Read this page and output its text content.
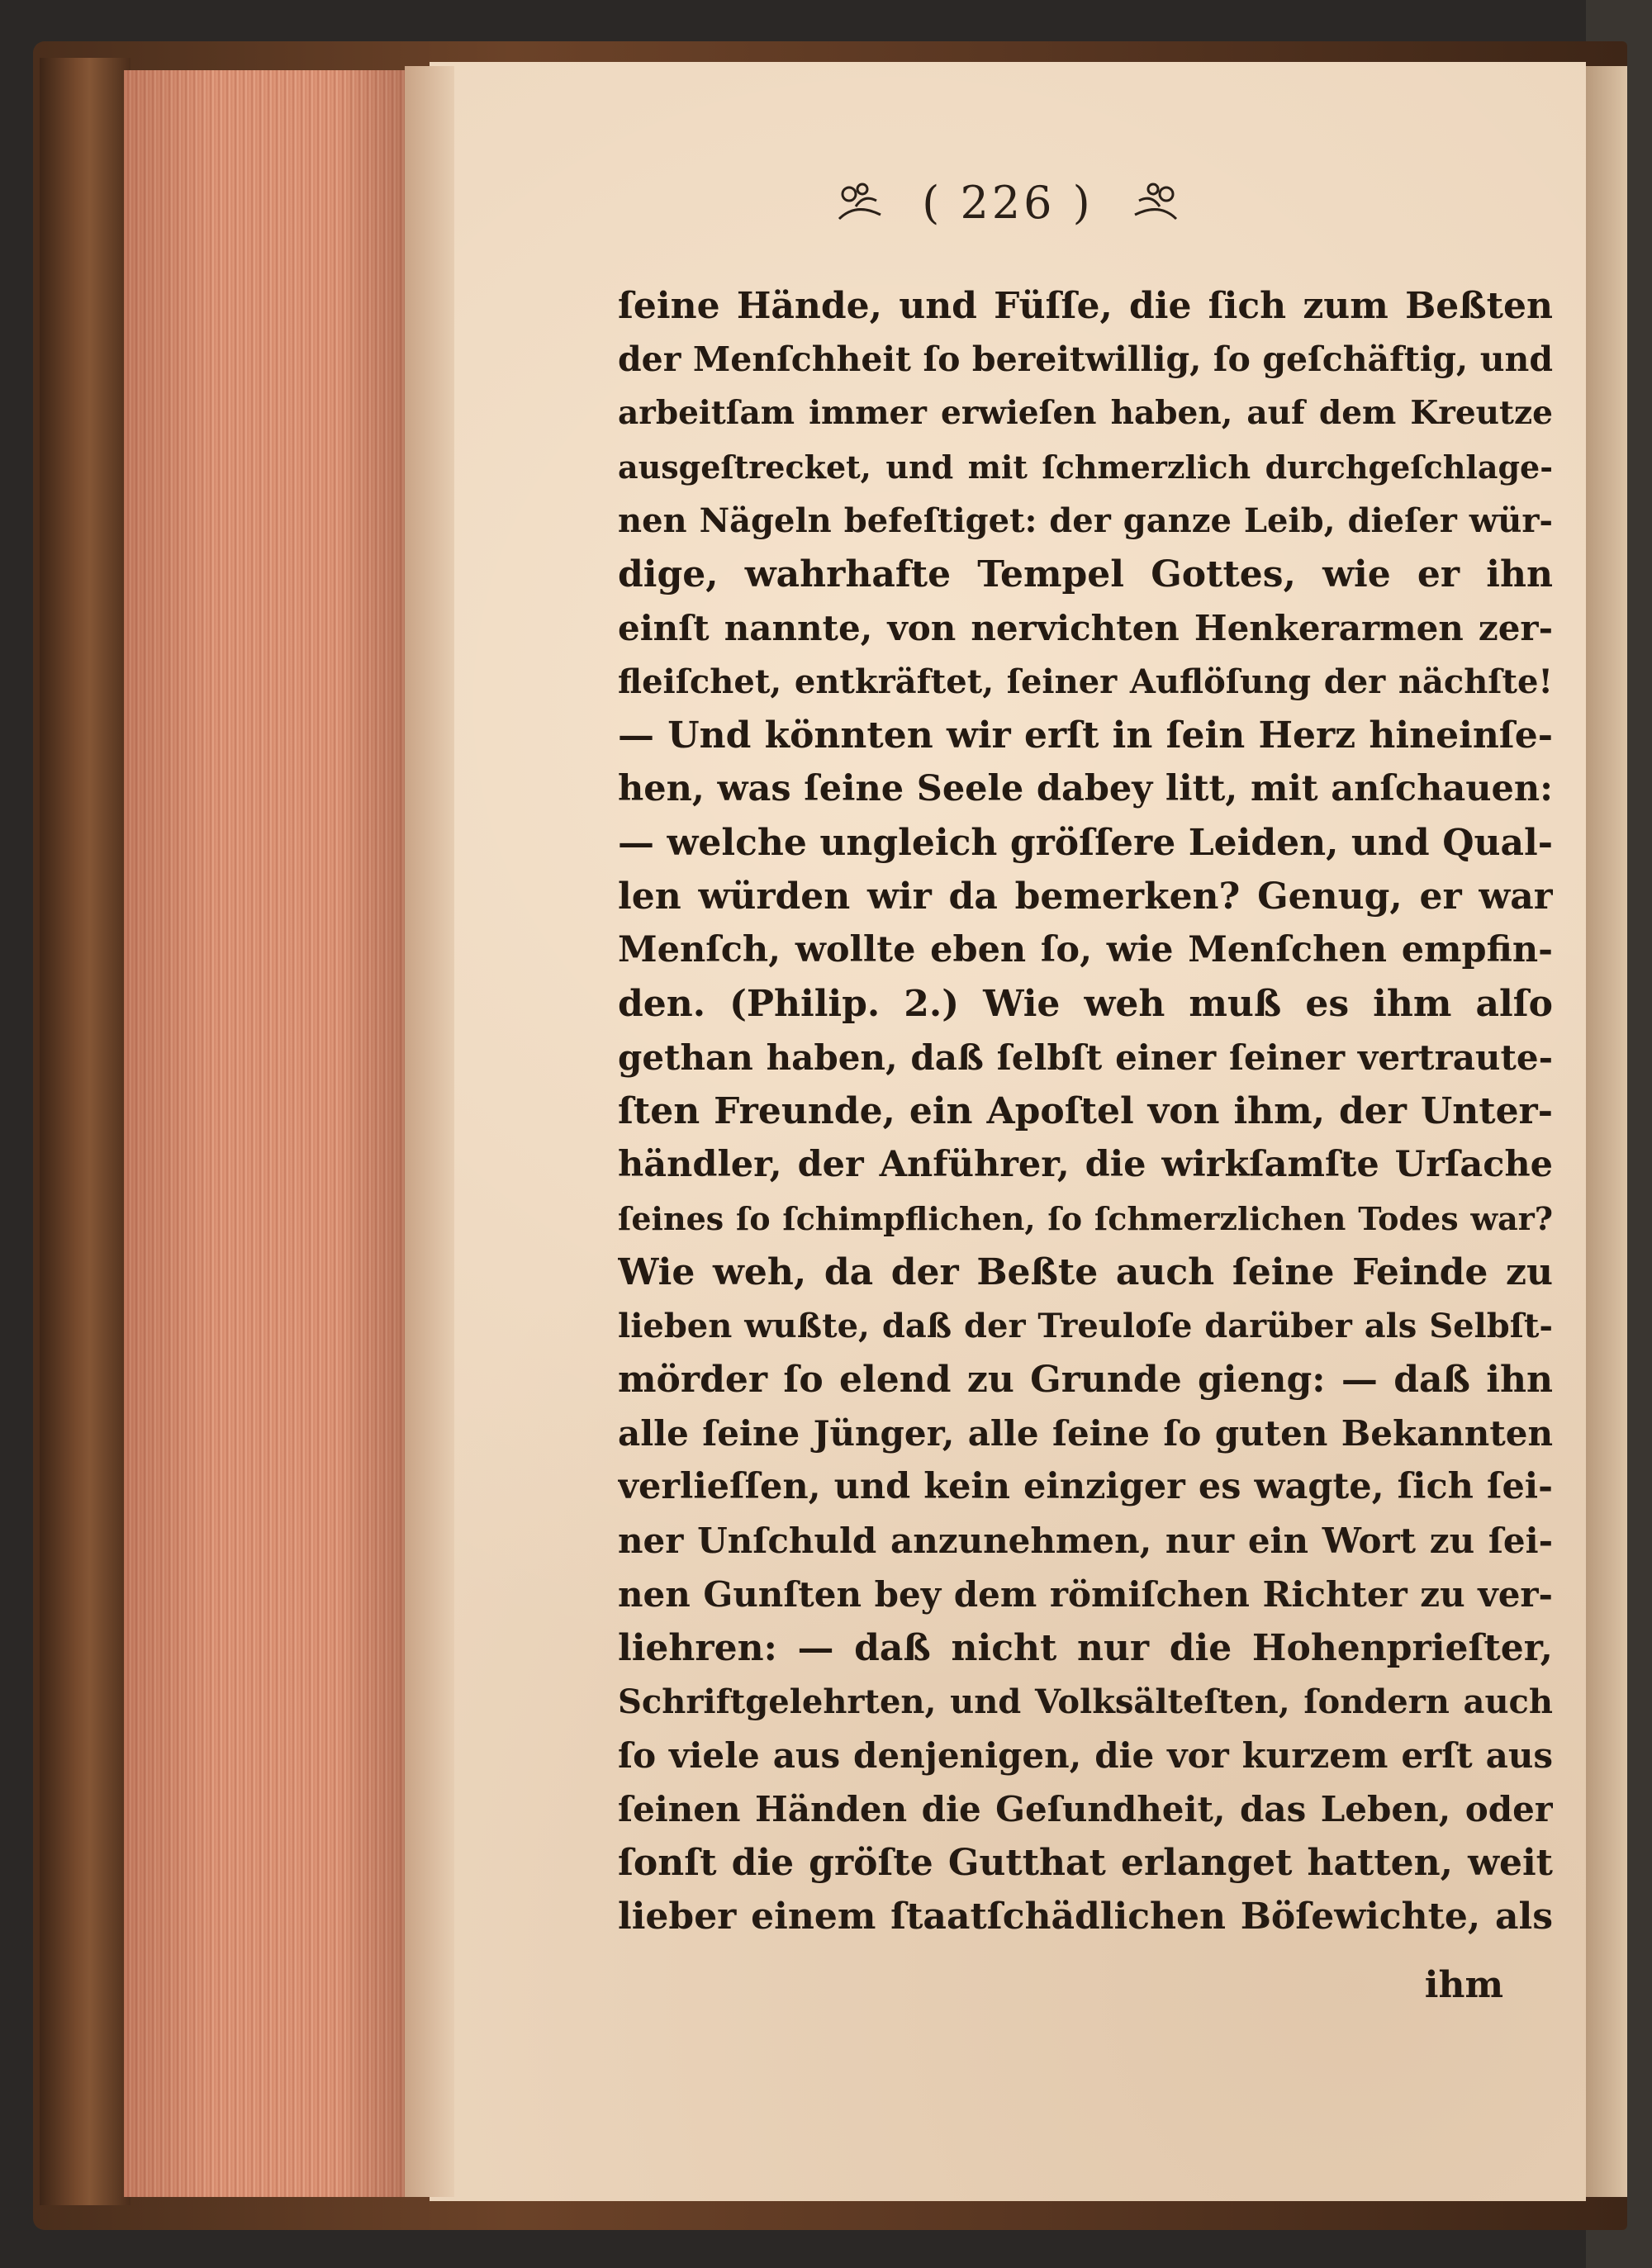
( 226 )
ſeine Hände, und Füſſe, die ſich zum Beßten
der Menſchheit ſo bereitwillig, ſo geſchäftig, und
arbeitſam immer erwieſen haben, auf dem Kreutze
ausgeſtrecket, und mit ſchmerzlich durchgeſchlage-
nen Nägeln befeſtiget: der ganze Leib, dieſer wür-
dige, wahrhafte Tempel Gottes, wie er ihn
einſt nannte, von nervichten Henkerarmen zer-
fleiſchet, entkräftet, ſeiner Auflöſung der nächſte!
— Und könnten wir erſt in ſein Herz hineinſe-
hen, was ſeine Seele dabey litt, mit anſchauen:
— welche ungleich gröſſere Leiden, und Qual-
len würden wir da bemerken? Genug, er war
Menſch, wollte eben ſo, wie Menſchen empfin-
den. (Philip. 2.) Wie weh muß es ihm alſo
gethan haben, daß ſelbſt einer ſeiner vertraute-
ſten Freunde, ein Apoſtel von ihm, der Unter-
händler, der Anführer, die wirkſamſte Urſache
ſeines ſo ſchimpflichen, ſo ſchmerzlichen Todes war?
Wie weh, da der Beßte auch ſeine Feinde zu
lieben wußte, daß der Treuloſe darüber als Selbſt-
mörder ſo elend zu Grunde gieng: — daß ihn
alle ſeine Jünger, alle ſeine ſo guten Bekannten
verlieſſen, und kein einziger es wagte, ſich ſei-
ner Unſchuld anzunehmen, nur ein Wort zu ſei-
nen Gunſten bey dem römiſchen Richter zu ver-
liehren: — daß nicht nur die Hohenprieſter,
Schriftgelehrten, und Volksälteſten, ſondern auch
ſo viele aus denjenigen, die vor kurzem erſt aus
ſeinen Händen die Geſundheit, das Leben, oder
ſonſt die gröſte Gutthat erlanget hatten, weit
lieber einem ſtaatſchädlichen Böſewichte, als
ihm
